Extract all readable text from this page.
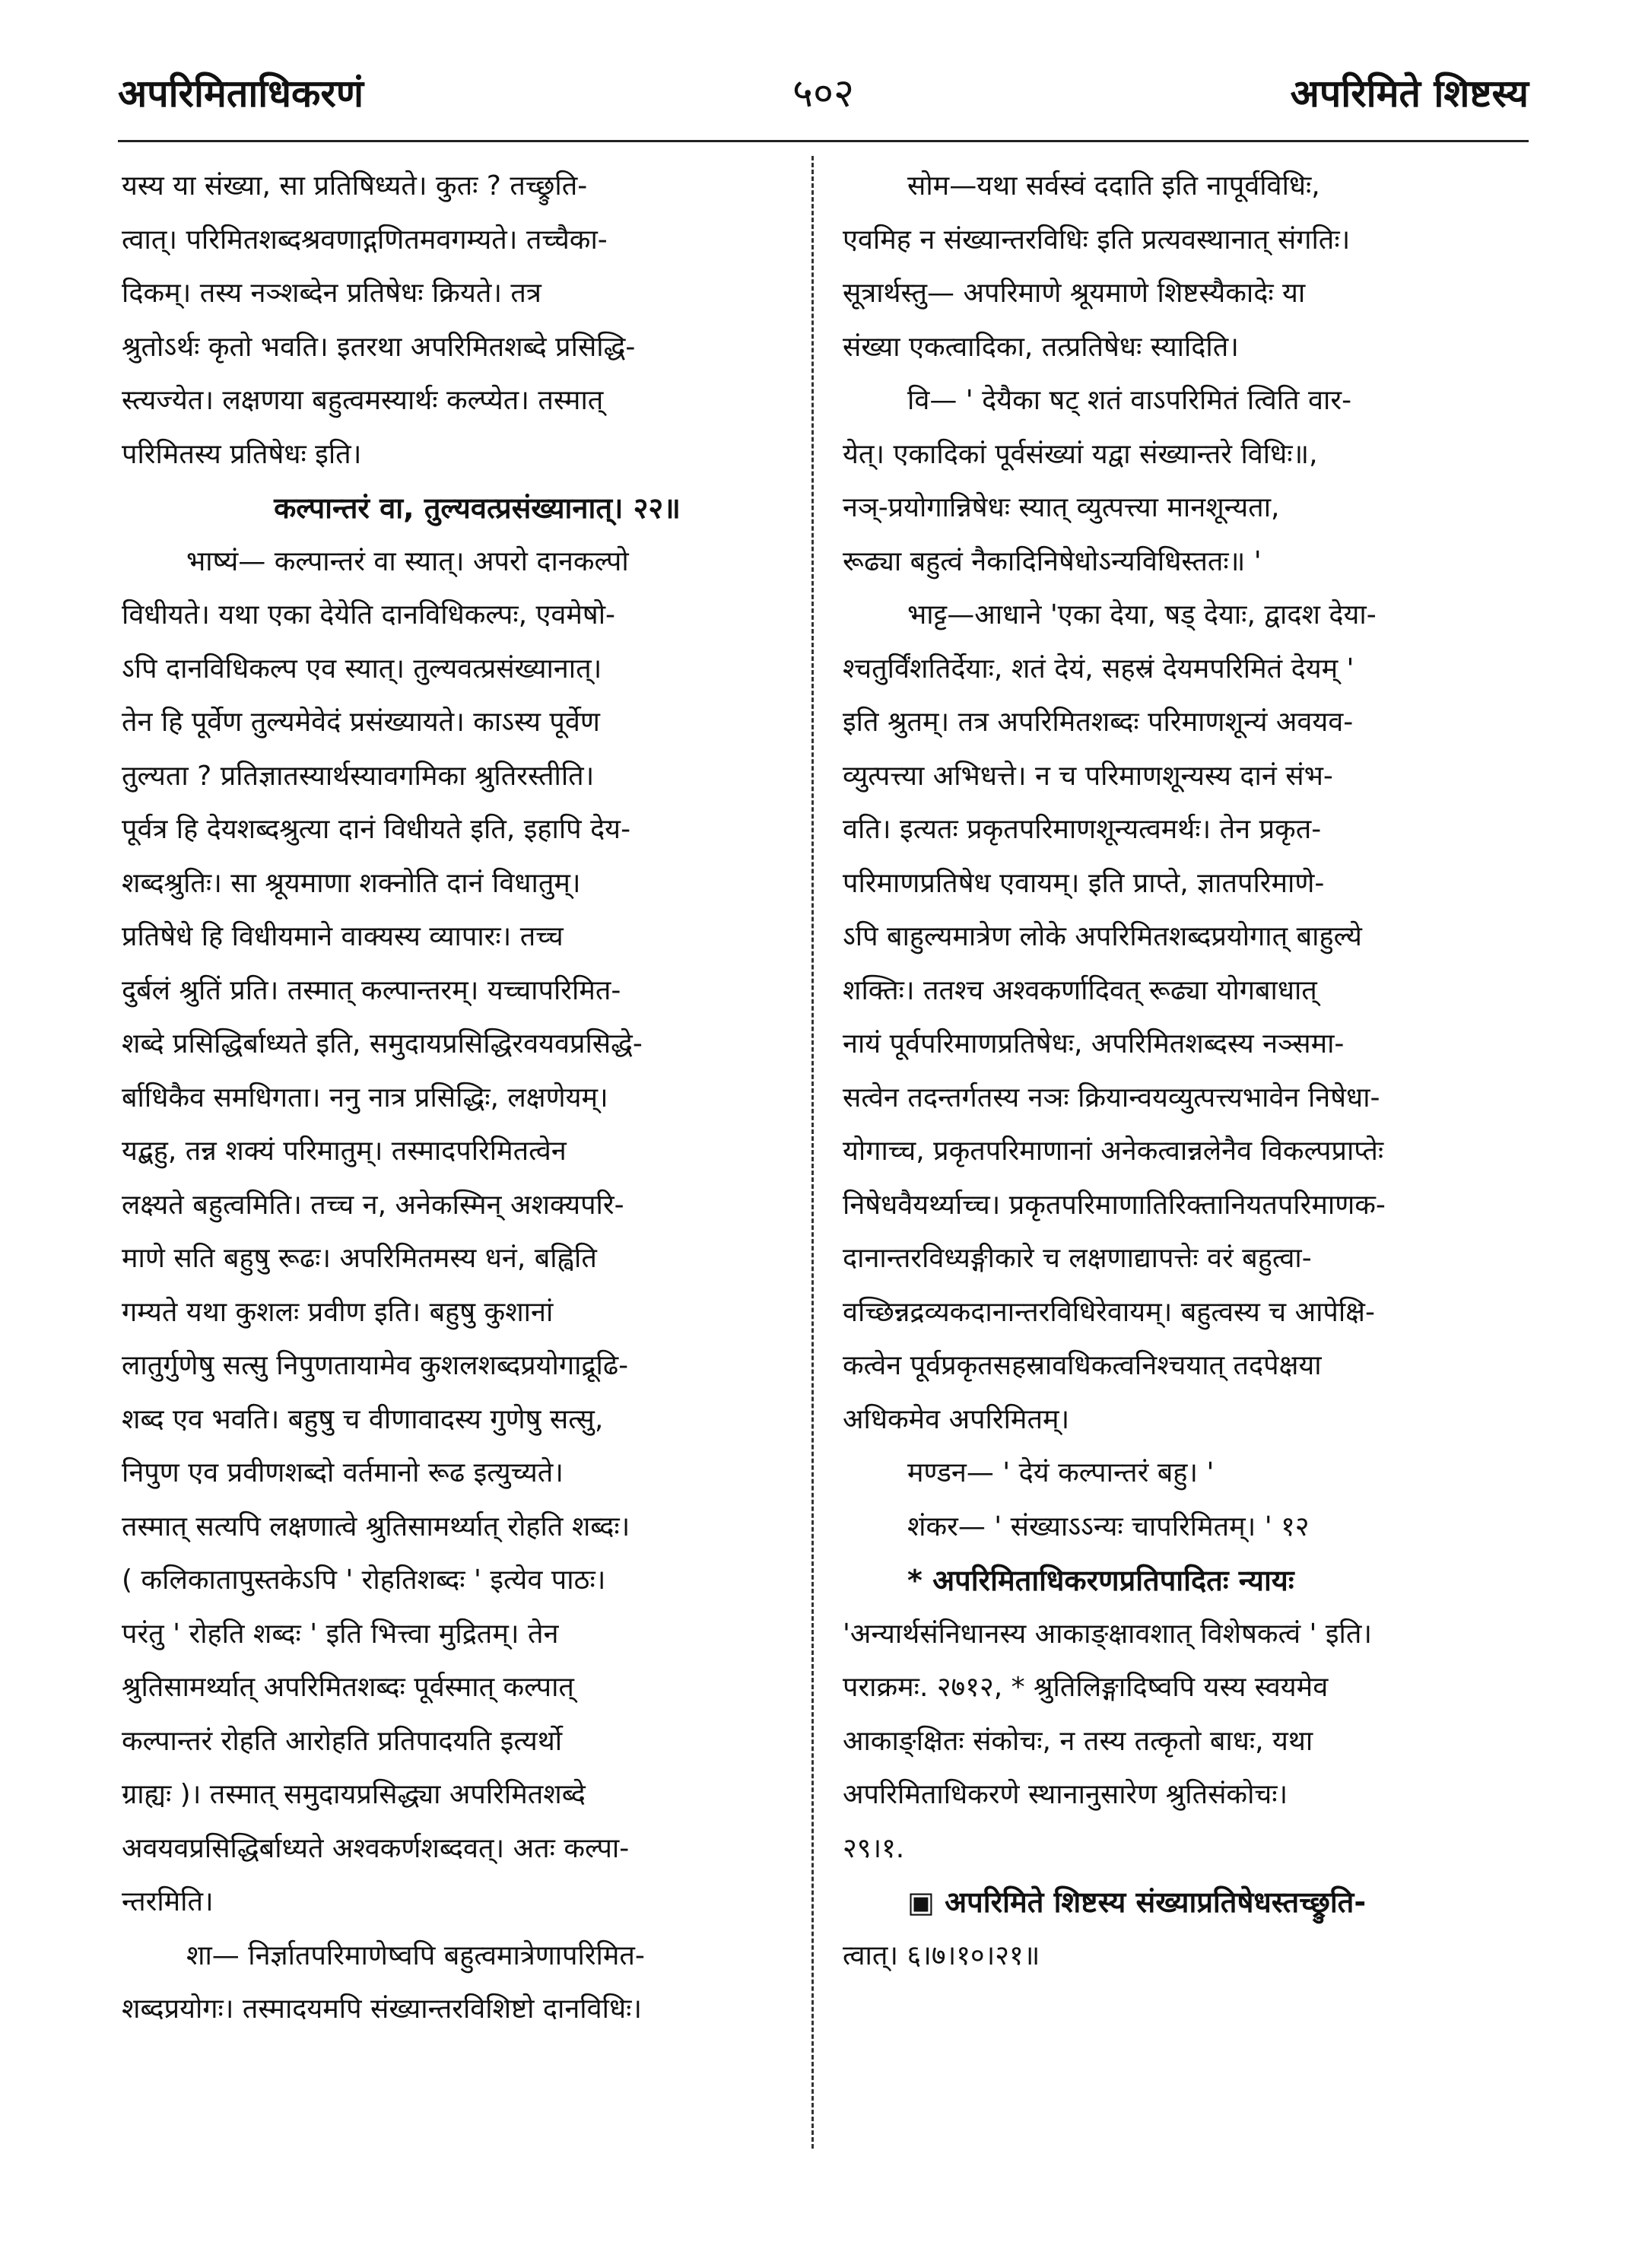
५०२
अपरिमिताधिकरणं	अपरिमिते शिष्टस्य
यस्य या संख्या, सा प्रतिषिध्यते। कुतः ? तच्छ्रुति-
त्वात्। परिमितशब्दश्रवणाद्गणितमवगम्यते। तच्चैका-
दिकम्। तस्य नञ्शब्देन प्रतिषेधः क्रियते। तत्र
श्रुतोऽर्थः कृतो भवति। इतरथा अपरिमितशब्दे प्रसिद्धि-
स्त्यज्येत। लक्षणया बहुत्वमस्यार्थः कल्प्येत। तस्मात्
परिमितस्य प्रतिषेधः इति।
कल्पान्तरं वा, तुल्यवत्प्रसंख्यानात्। २२॥
भाष्यं— कल्पान्तरं वा स्यात्। अपरो दानकल्पो
विधीयते। यथा एका देयेति दानविधिकल्पः, एवमेषो-
ऽपि दानविधिकल्प एव स्यात्। तुल्यवत्प्रसंख्यानात्।
तेन हि पूर्वेण तुल्यमेवेदं प्रसंख्यायते। काऽस्य पूर्वेण
तुल्यता ? प्रतिज्ञातस्यार्थस्यावगमिका श्रुतिरस्तीति।
पूर्वत्र हि देयशब्दश्रुत्या दानं विधीयते इति, इहापि देय-
शब्दश्रुतिः। सा श्रूयमाणा शक्नोति दानं विधातुम्।
प्रतिषेधे हि विधीयमाने वाक्यस्य व्यापारः। तच्च
दुर्बलं श्रुतिं प्रति। तस्मात् कल्पान्तरम्। यच्चापरिमित-
शब्दे प्रसिद्धिर्बाध्यते इति, समुदायप्रसिद्धिरवयवप्रसिद्धे-
र्बाधिकैव समधिगता। ननु नात्र प्रसिद्धिः, लक्षणेयम्।
यद्बहु, तन्न शक्यं परिमातुम्। तस्मादपरिमितत्वेन
लक्ष्यते बहुत्वमिति। तच्च न, अनेकस्मिन् अशक्यपरि-
माणे सति बहुषु रूढः। अपरिमितमस्य धनं, बह्विति
गम्यते यथा कुशलः प्रवीण इति। बहुषु कुशानां
लातुर्गुणेषु सत्सु निपुणतायामेव कुशलशब्दप्रयोगाद्रूढि-
शब्द एव भवति। बहुषु च वीणावादस्य गुणेषु सत्सु,
निपुण एव प्रवीणशब्दो वर्तमानो रूढ इत्युच्यते।
तस्मात् सत्यपि लक्षणात्वे श्रुतिसामर्थ्यात् रोहति शब्दः।
( कलिकातापुस्तकेऽपि ' रोहतिशब्दः ' इत्येव पाठः।
परंतु ' रोहति शब्दः ' इति भित्त्वा मुद्रितम्। तेन
श्रुतिसामर्थ्यात् अपरिमितशब्दः पूर्वस्मात् कल्पात्
कल्पान्तरं रोहति आरोहति प्रतिपादयति इत्यर्थो
ग्राह्यः )। तस्मात् समुदायप्रसिद्ध्या अपरिमितशब्दे
अवयवप्रसिद्धिर्बाध्यते अश्वकर्णशब्दवत्। अतः कल्पा-
न्तरमिति।
शा— निर्ज्ञातपरिमाणेष्वपि बहुत्वमात्रेणापरिमित-
शब्दप्रयोगः। तस्मादयमपि संख्यान्तरविशिष्टो दानविधिः।
सोम—यथा सर्वस्वं ददाति इति नापूर्वविधिः,
एवमिह न संख्यान्तरविधिः इति प्रत्यवस्थानात् संगतिः।
सूत्रार्थस्तु— अपरिमाणे श्रूयमाणे शिष्टस्यैकादेः या
संख्या एकत्वादिका, तत्प्रतिषेधः स्यादिति।
वि— ' देयैका षट् शतं वाऽपरिमितं त्विति वार-
येत्। एकादिकां पूर्वसंख्यां यद्वा संख्यान्तरे विधिः॥,
नञ्-प्रयोगान्निषेधः स्यात् व्युत्पत्त्या मानशून्यता,
रूढ्या बहुत्वं नैकादिनिषेधोऽन्यविधिस्ततः॥ '
भाट्ट—आधाने 'एका देया, षड् देयाः, द्वादश देया-
श्चतुर्विंशतिर्देयाः, शतं देयं, सहस्रं देयमपरिमितं देयम् '
इति श्रुतम्। तत्र अपरिमितशब्दः परिमाणशून्यं अवयव-
व्युत्पत्त्या अभिधत्ते। न च परिमाणशून्यस्य दानं संभ-
वति। इत्यतः प्रकृतपरिमाणशून्यत्वमर्थः। तेन प्रकृत-
परिमाणप्रतिषेध एवायम्। इति प्राप्ते, ज्ञातपरिमाणे-
ऽपि बाहुल्यमात्रेण लोके अपरिमितशब्दप्रयोगात् बाहुल्ये
शक्तिः। ततश्च अश्वकर्णादिवत् रूढ्या योगबाधात्
नायं पूर्वपरिमाणप्रतिषेधः, अपरिमितशब्दस्य नञ्समा-
सत्वेन तदन्तर्गतस्य नञः क्रियान्वयव्युत्पत्त्यभावेन निषेधा-
योगाच्च, प्रकृतपरिमाणानां अनेकत्वान्नलेनैव विकल्पप्राप्तेः
निषेधवैयर्थ्याच्च। प्रकृतपरिमाणातिरिक्तानियतपरिमाणक-
दानान्तरविध्यङ्गीकारे च लक्षणाद्यापत्तेः वरं बहुत्वा-
वच्छिन्नद्रव्यकदानान्तरविधिरेवायम्। बहुत्वस्य च आपेक्षि-
कत्वेन पूर्वप्रकृतसहस्रावधिकत्वनिश्चयात् तदपेक्षया
अधिकमेव अपरिमितम्।
मण्डन— ' देयं कल्पान्तरं बहु। '
शंकर— ' संख्याऽऽन्यः चापरिमितम्। ' १२
* अपरिमिताधिकरणप्रतिपादितः न्यायः
'अन्यार्थसंनिधानस्य आकाङ्क्षावशात् विशेषकत्वं ' इति।
पराक्रमः. २७१२, * श्रुतिलिङ्गादिष्वपि यस्य स्वयमेव
आकाङ्क्षितः संकोचः, न तस्य तत्कृतो बाधः, यथा
अपरिमिताधिकरणे स्थानानुसारेण श्रुतिसंकोचः।
२९।१.
▣ अपरिमिते शिष्टस्य संख्याप्रतिषेधस्तच्छ्रुति-
त्वात्। ६।७।१०।२१॥
